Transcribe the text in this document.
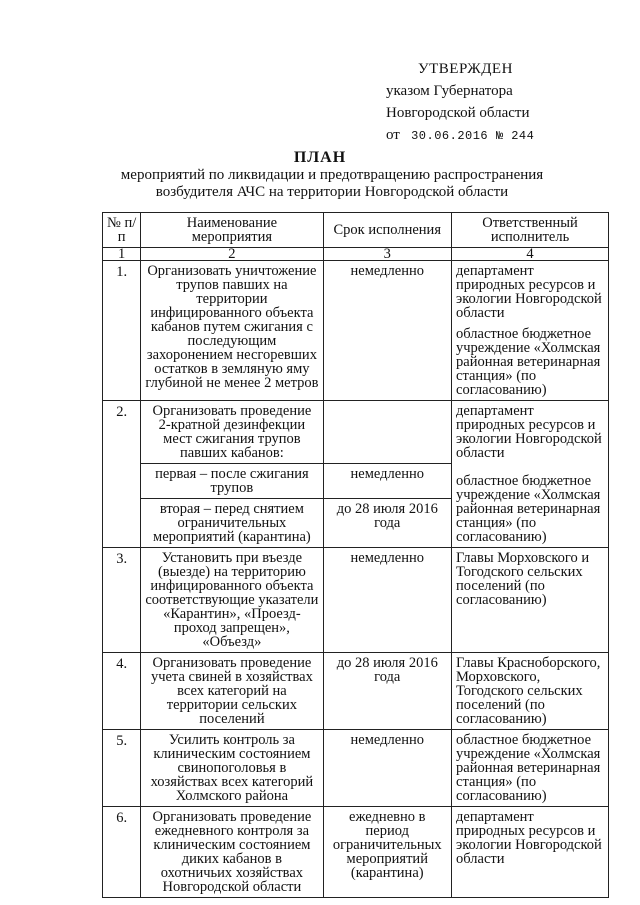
УТВЕРЖДЕН
указом Губернатора
Новгородской области
от 30.06.2016 № 244
ПЛАН
мероприятий по ликвидации и предотвращению распространения
возбудителя АЧС на территории Новгородской области
№ п/п	Наименование мероприятия	Срок исполнения	Ответственный исполнитель
1	2	3	4
1.	Организовать уничтожение трупов павших на территории инфицированного объекта кабанов путем сжигания с последующим захоронением несгоревших остатков в земляную яму глубиной не менее 2 метров	немедленно	департамент природных ресурсов и экологии Новгородской области

областное бюджетное учреждение «Холмская районная ветеринарная станция» (по согласованию)

2.	Организовать проведение 2-кратной дезинфекции мест сжигания трупов павших кабанов:		департамент природных ресурсов и экологии Новгородской области

областное бюджетное учреждение «Холмская районная ветеринарная станция» (по согласованию)

	первая – после сжигания трупов	немедленно	
	вторая – перед снятием ограничительных мероприятий (карантина)	до 28 июля 2016 года	
3.	Установить при въезде (выезде) на территорию инфицированного объекта соответствующие указатели «Карантин», «Проезд-проход запрещен», «Объезд»	немедленно	Главы Морховского и Тогодского сельских поселений (по согласованию)

4.	Организовать проведение учета свиней в хозяйствах всех категорий на территории сельских поселений	до 28 июля 2016 года	Главы Красноборского, Морховского, Тогодского сельских поселений (по согласованию)

5.	Усилить контроль за клиническим состоянием свинопоголовья в хозяйствах всех категорий Холмского района	немедленно	областное бюджетное учреждение «Холмская районная ветеринарная станция» (по согласованию)

6.	Организовать проведение ежедневного контроля за клиническим состоянием диких кабанов в охотничьих хозяйствах Новгородской области	ежедневно в период ограничительных мероприятий (карантина)	департамент природных ресурсов и экологии Новгородской области
